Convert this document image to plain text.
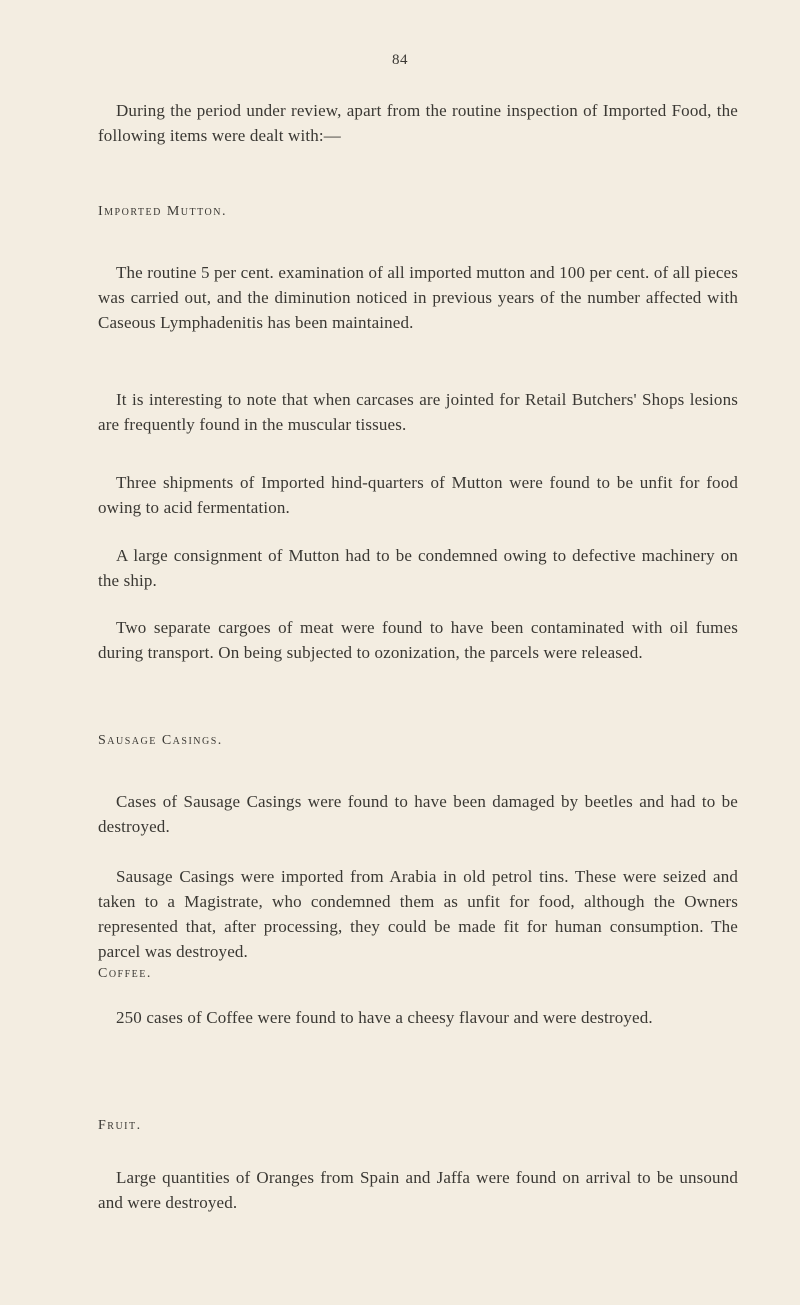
84

During the period under review, apart from the routine inspection of Imported Food, the following items were dealt with:—

Imported Mutton.

The routine 5 per cent. examination of all imported mutton and 100 per cent. of all pieces was carried out, and the diminution noticed in previous years of the number affected with Caseous Lymphadenitis has been maintained.

It is interesting to note that when carcases are jointed for Retail Butchers' Shops lesions are frequently found in the muscular tissues.

Three shipments of Imported hind-quarters of Mutton were found to be unfit for food owing to acid fermentation.

A large consignment of Mutton had to be condemned owing to defective machinery on the ship.

Two separate cargoes of meat were found to have been contaminated with oil fumes during transport. On being subjected to ozonization, the parcels were released.

Sausage Casings.

Cases of Sausage Casings were found to have been damaged by beetles and had to be destroyed.

Sausage Casings were imported from Arabia in old petrol tins. These were seized and taken to a Magistrate, who condemned them as unfit for food, although the Owners represented that, after processing, they could be made fit for human consumption. The parcel was destroyed.

Coffee.

250 cases of Coffee were found to have a cheesy flavour and were destroyed.

Fruit.

Large quantities of Oranges from Spain and Jaffa were found on arrival to be unsound and were destroyed.
